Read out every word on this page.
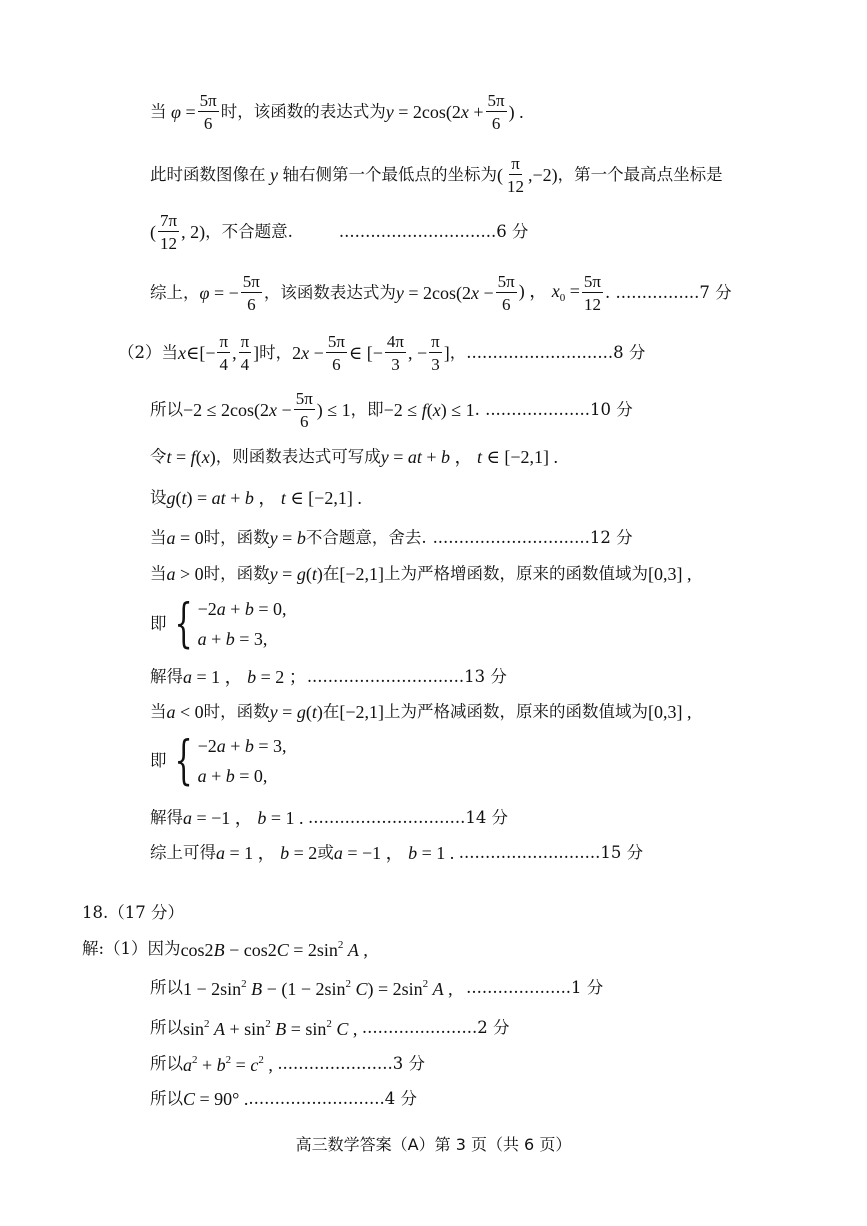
当 $\varphi = \frac{5\pi}{6}$ 时，该函数的表达式为 $y = 2\cos(2x + \frac{5\pi}{6}$ ) .
此时函数图像在 y 轴右侧第一个最低点的坐标为 ( $\frac{\pi}{12} ,-2$) ，第一个最高点坐标是
( $\frac{7\pi}{12}$ , 2) ，不合题意.	..............................6 分
综上， φ = − $\frac{5\pi}{6}$ ，该函数表达式为 $y = 2\cos(2x - \frac{5\pi}{6}$ ) ， $x_0 = \frac{5\pi}{12}$ . ................7 分
（2）当 x∈[− $\frac{\pi}{4}$ , $\frac{\pi}{4}$ ] 时， $2x - \frac{5\pi}{6}$ ∈ [− $\frac{4\pi}{3}$ , − $\frac{\pi}{3}$ ] ，............................8 分
所以 $-2 \le 2\cos(2x - \frac{5\pi}{6}$ ) ≤ 1 ，即 −2 ≤ f(x) ≤ 1 . ....................10 分
令 t = f(x) ，则函数表达式可写成 y = at + b ， t ∈ [−2,1] .
设 g(t) = at + b ， t ∈ [−2,1] .
当 a = 0 时，函数 y = b 不合题意，舍去. ..............................12 分
当 a > 0 时，函数 y = g(t) 在 [−2,1] 上为严格增函数，原来的函数值域为 [0,3] ,
即 { −2a + b = 0,
a + b = 3,
解得 a = 1 ， b = 2 ； ..............................13 分
当 a < 0 时，函数 y = g(t) 在 [−2,1] 上为严格减函数，原来的函数值域为 [0,3] ,
即 { −2a + b = 3,
a + b = 0,
解得 a = −1 ， b = 1 . ..............................14 分
综上可得 a = 1 ， b = 2 或 a = −1 ， b = 1 . ...........................15 分
18.（17 分）
解:（1）因为 $\cos 2B - \cos 2C = 2\sin^2$ A ,
所以 $1 - 2\sin^2$ $B - (1 - 2\sin^2$ $C) = 2\sin^2$ A , ....................1 分
所以 $\sin^2 A + \sin^2 B = \sin^2 C$ , ......................2 分
所以 $a^2 + b^2 = c^2$ , ......................3 分
所以 C = 90° . ..........................4 分
高三数学答案（A）第 3 页（共 6 页）
